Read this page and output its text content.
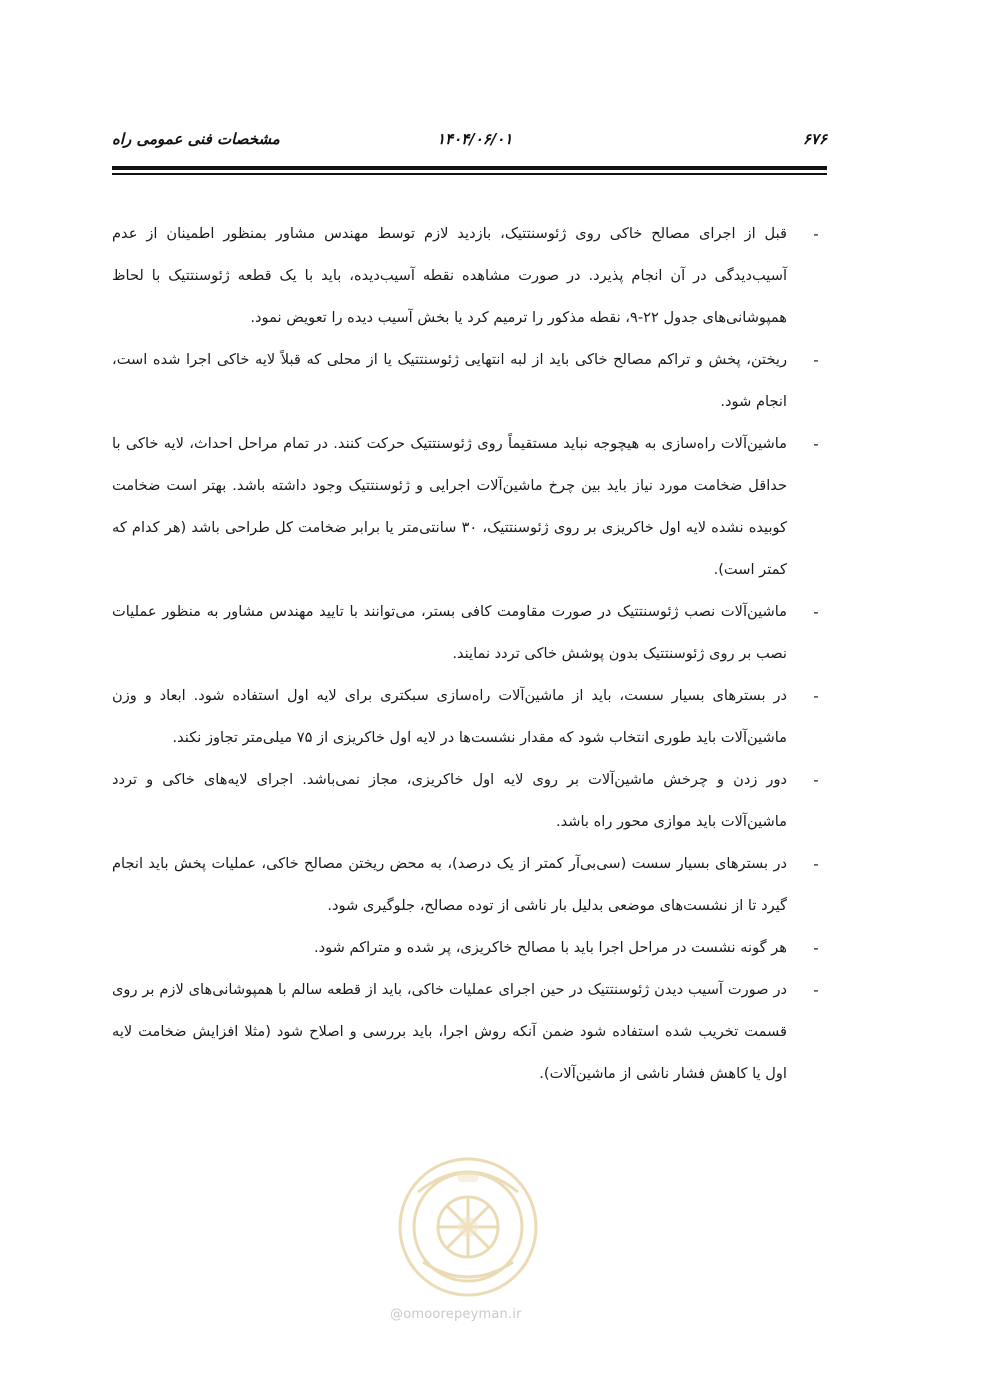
مشخصات فنی عمومی راه	۱۴۰۴/۰۶/۰۱	۶۷۶

-
قبل از اجرای مصالح خاکی روی ژئوسنتتیک، بازدید لازم توسط مهندس مشاور بمنظور اطمینان از عدم آسیب‌دیدگی در آن انجام پذیرد. در صورت مشاهده نقطه آسیب‌دیده، باید با یک قطعه ژئوسنتتیک با لحاظ همپوشانی‌های جدول ۲۲-۹، نقطه مذکور را ترمیم کرد یا بخش آسیب دیده را تعویض نمود.

-
ریختن، پخش و تراکم مصالح خاکی باید از لبه انتهایی ژئوسنتتیک یا از محلی که قبلاً لایه خاکی اجرا شده است، انجام شود.

-
ماشین‌آلات راه‌سازی به هیچوجه نباید مستقیماً روی ژئوسنتتیک حرکت کنند. در تمام مراحل احداث، لایه خاکی با حداقل ضخامت مورد نیاز باید بین چرخ ماشین‌آلات اجرایی و ژئوسنتتیک وجود داشته باشد. بهتر است ضخامت کوبیده نشده لایه اول خاکریزی بر روی ژئوسنتتیک، ۳۰ سانتی‌متر یا برابر ضخامت کل طراحی باشد (هر کدام که کمتر است).

-
ماشین‌آلات نصب ژئوسنتتیک در صورت مقاومت کافی بستر، می‌توانند با تایید مهندس مشاور به منظور عملیات نصب بر روی ژئوسنتتیک بدون پوشش خاکی تردد نمایند.

-
در بسترهای بسیار سست، باید از ماشین‌آلات راه‌سازی سبکتری برای لایه اول استفاده شود. ابعاد و وزن ماشین‌آلات باید طوری انتخاب شود که مقدار نشست‌ها در لایه اول خاکریزی از ۷۵ میلی‌متر تجاوز نکند.

-
دور زدن و چرخش ماشین‌آلات بر روی لایه اول خاکریزی، مجاز نمی‌باشد. اجرای لایه‌های خاکی و تردد ماشین‌آلات باید موازی محور راه باشد.

-
در بسترهای بسیار سست (سی‌بی‌آر کمتر از یک درصد)، به محض ریختن مصالح خاکی، عملیات پخش باید انجام گیرد تا از نشست‌های موضعی بدلیل بار ناشی از توده مصالح، جلوگیری شود.

-
هر گونه نشست در مراحل اجرا باید با مصالح خاکریزی، پر شده و متراکم شود.

-
در صورت آسیب دیدن ژئوسنتتیک در حین اجرای عملیات خاکی، باید از قطعه سالم با همپوشانی‌های لازم بر روی قسمت تخریب شده استفاده شود ضمن آنکه روش اجرا، باید بررسی و اصلاح شود (مثلا افزایش ضخامت لایه اول یا کاهش فشار ناشی از ماشین‌آلات).

@omoorepeyman.ir
